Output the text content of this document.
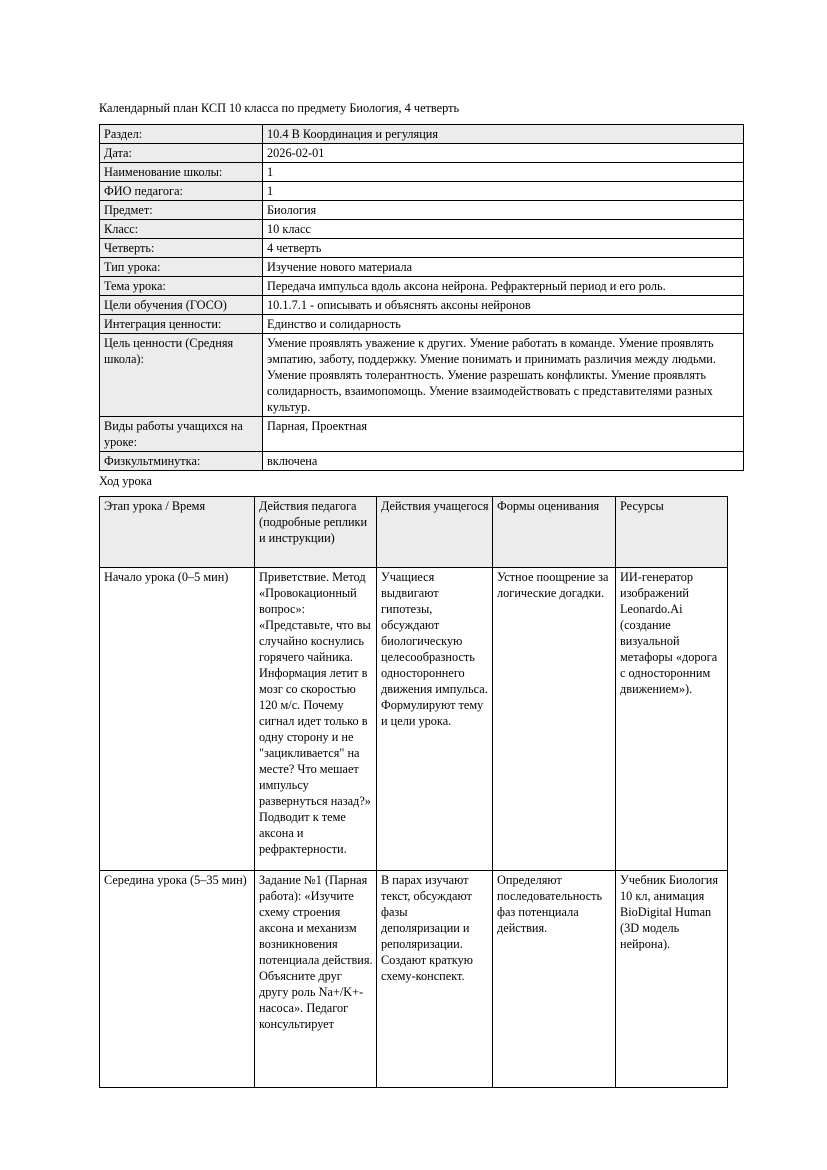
Календарный план КСП 10 класса по предмету Биология, 4 четверть
Раздел:	10.4 В Координация и регуляция
Дата:	2026-02-01
Наименование школы:	1
ФИО педагога:	1
Предмет:	Биология
Класс:	10 класс
Четверть:	4 четверть
Тип урока:	Изучение нового материала
Тема урока:	Передача импульса вдоль аксона нейрона. Рефрактерный период и его роль.
Цели обучения (ГОСО)	10.1.7.1 - описывать и объяснять аксоны нейронов
Интеграция ценности:	Единство и солидарность
Цель ценности (Средняя школа):	Умение проявлять уважение к других. Умение работать в команде. Умение проявлять эмпатию, заботу, поддержку. Умение понимать и принимать различия между людьми. Умение проявлять толерантность. Умение разрешать конфликты. Умение проявлять солидарность, взаимопомощь. Умение взаимодействовать с представителями разных культур.
Виды работы учащихся на уроке:	Парная, Проектная
Физкультминутка:	включена
Ход урока
Этап урока / Время	Действия педагога (подробные реплики и инструкции)	Действия учащегося	Формы оценивания	Ресурсы
Начало урока (0–5 мин)	Приветствие. Метод «Провокационный вопрос»: «Представьте, что вы случайно коснулись горячего чайника. Информация летит в мозг со скоростью 120 м/с. Почему сигнал идет только в одну сторону и не "зацикливается" на месте? Что мешает импульсу развернуться назад?» Подводит к теме аксона и рефрактерности.	Учащиеся выдвигают гипотезы, обсуждают биологическую целесообразность одностороннего движения импульса. Формулируют тему и цели урока.	Устное поощрение за логические догадки.	ИИ-генератор изображений Leonardo.Ai (создание визуальной метафоры «дорога с односторонним движением»).
Середина урока (5–35 мин)	Задание №1 (Парная работа): «Изучите схему строения аксона и механизм возникновения потенциала действия. Объясните друг другу роль Na+/K+-насоса». Педагог консультирует	В парах изучают текст, обсуждают фазы деполяризации и реполяризации. Создают краткую схему-конспект.	Определяют последовательность фаз потенциала действия.	Учебник Биология 10 кл, анимация BioDigital Human (3D модель нейрона).
